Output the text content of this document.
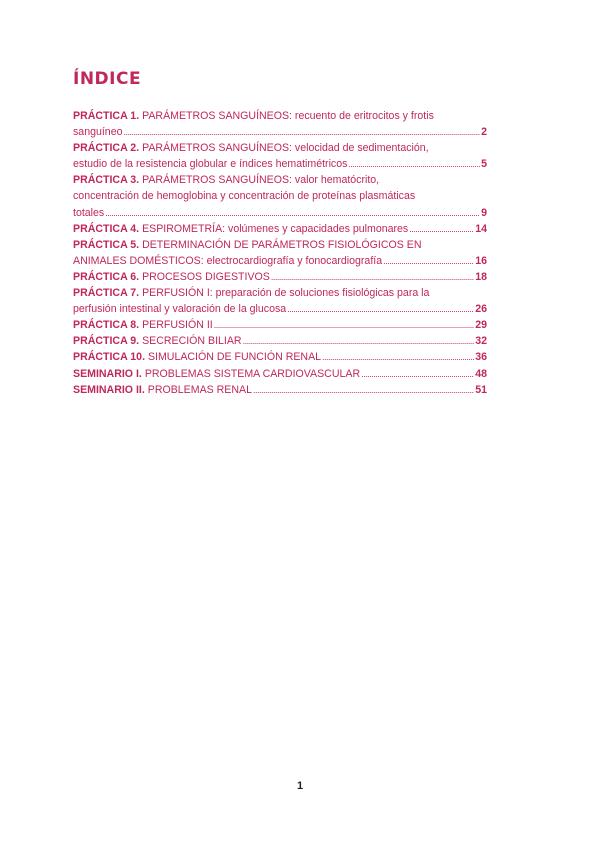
ÍNDICE
PRÁCTICA 1. PARÁMETROS SANGUÍNEOS: recuento de eritrocitos y frotis
sanguíneo .....	2
PRÁCTICA 2. PARÁMETROS SANGUÍNEOS: velocidad de sedimentación,
estudio de la resistencia globular e índices hematimétricos .....	5
PRÁCTICA 3. PARÁMETROS SANGUÍNEOS: valor hematócrito,
concentración de hemoglobina y concentración de proteínas plasmáticas
totales .....	9
PRÁCTICA 4. ESPIROMETRÍA: volúmenes y capacidades pulmonares .....	14
PRÁCTICA 5. DETERMINACIÓN DE PARÁMETROS FISIOLÓGICOS EN
ANIMALES DOMÉSTICOS: electrocardiografía y fonocardiografía .....	16
PRÁCTICA 6. PROCESOS DIGESTIVOS .....	18
PRÁCTICA 7. PERFUSIÓN I: preparación de soluciones fisiológicas para la
perfusión intestinal y valoración de la glucosa .....	26
PRÁCTICA 8. PERFUSIÓN II .....	29
PRÁCTICA 9. SECRECIÓN BILIAR .....	32
PRÁCTICA 10. SIMULACIÓN DE FUNCIÓN RENAL .....	36
SEMINARIO I. PROBLEMAS SISTEMA CARDIOVASCULAR .....	48
SEMINARIO II. PROBLEMAS RENAL .....	51
1
